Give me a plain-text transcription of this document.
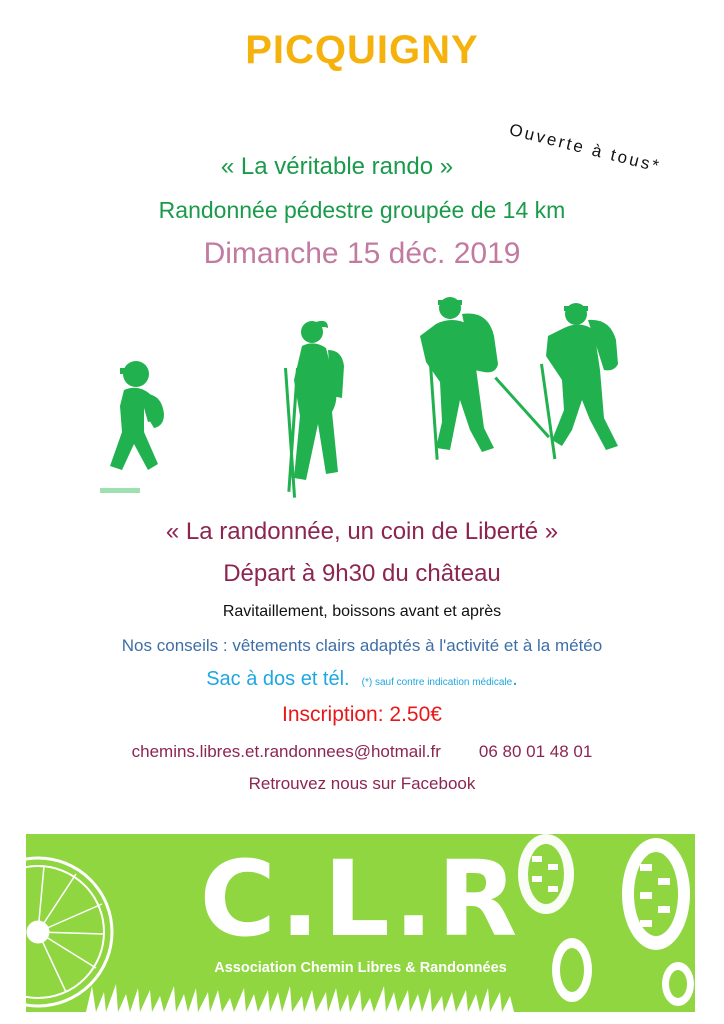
PICQUIGNY
Ouverte à tous*
« La véritable rando »
Randonnée pédestre groupée de 14 km
Dimanche 15 déc. 2019
« La randonnée, un coin de Liberté »
Départ à 9h30 du château
Ravitaillement, boissons avant et après
Nos conseils : vêtements clairs adaptés à l'activité et à la météo
Sac à dos et tél. (*) sauf contre indication médicale.
Inscription: 2.50€
chemins.libres.et.randonnees@hotmail.fr 06 80 01 48 01
Retrouvez nous sur Facebook
C.L.R
Association Chemin Libres & Randonnées
